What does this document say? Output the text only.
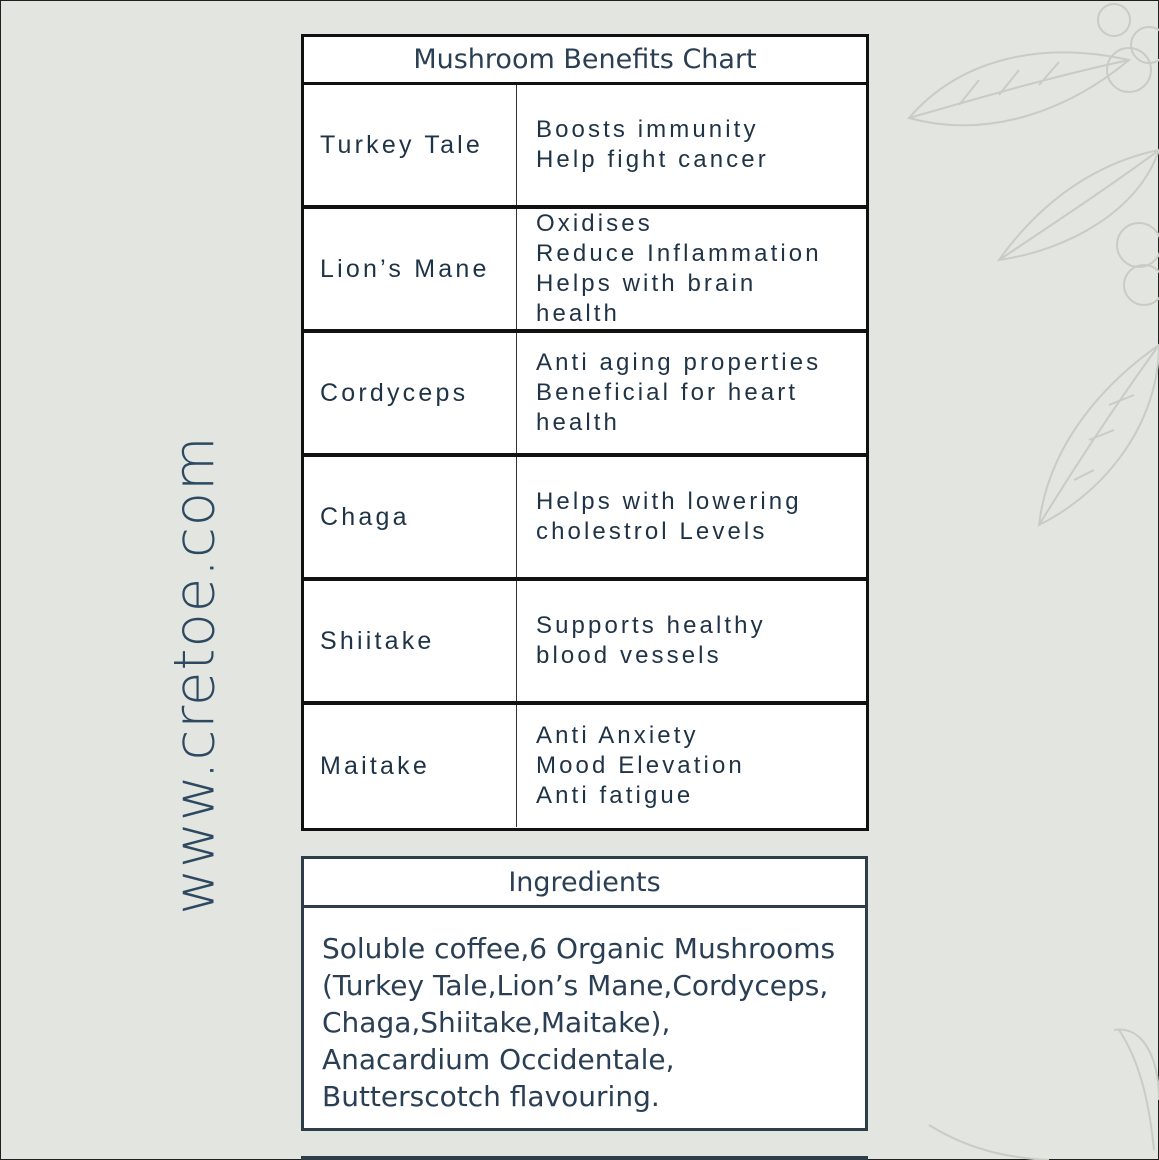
www.cretoe.com
Mushroom Benefits Chart
Turkey Tale
Boosts immunity
Help fight cancer
Lion’s Mane
Oxidises
Reduce Inflammation
Helps with brain
health
Cordyceps
Anti aging properties
Beneficial for heart
health
Chaga
Helps with lowering
cholestrol Levels
Shiitake
Supports healthy
blood vessels
Maitake
Anti Anxiety
Mood Elevation
Anti fatigue
Ingredients
Soluble coffee,6 Organic Mushrooms
(Turkey Tale,Lion’s Mane,Cordyceps,
Chaga,Shiitake,Maitake),
Anacardium Occidentale,
Butterscotch flavouring.
